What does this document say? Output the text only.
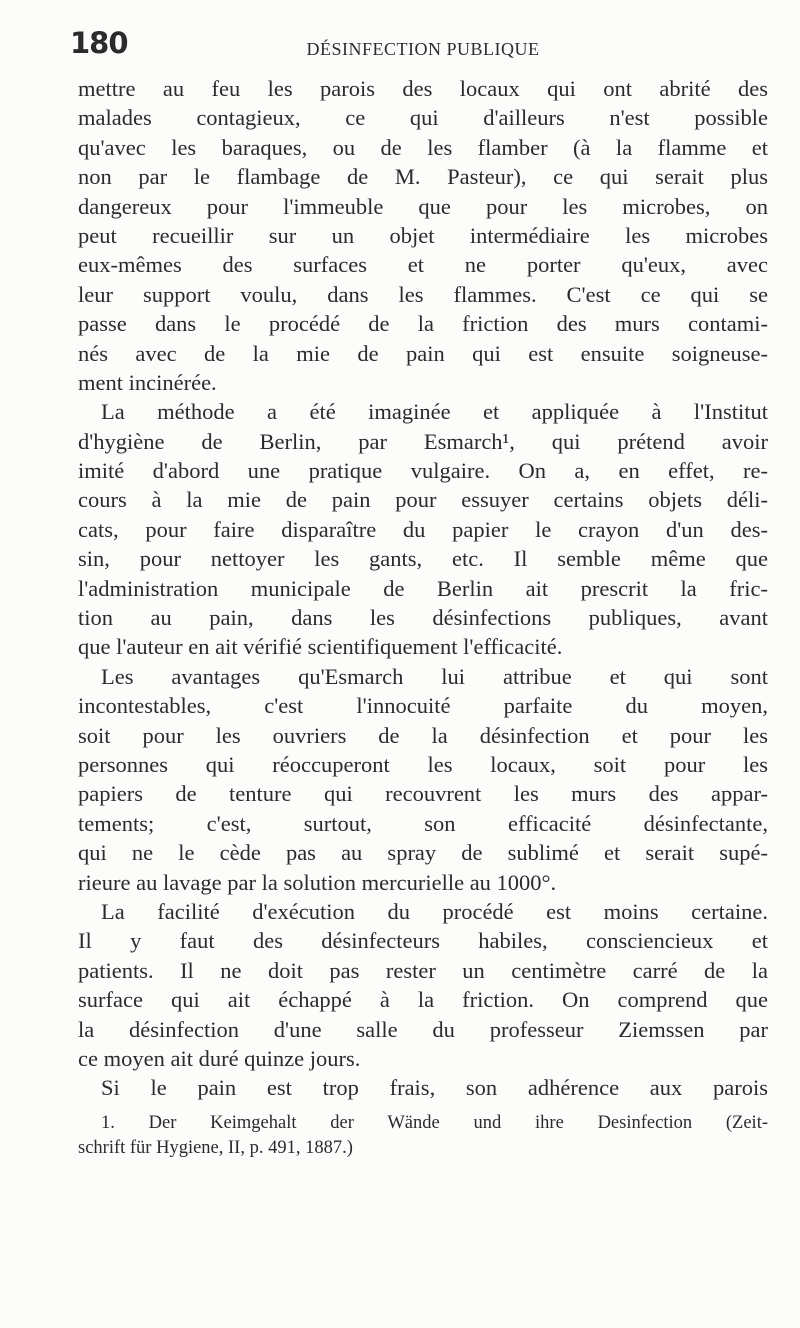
180	DÉSINFECTION PUBLIQUE
mettre au feu les parois des locaux qui ont abrité des
malades contagieux, ce qui d'ailleurs n'est possible
qu'avec les baraques, ou de les flamber (à la flamme et
non par le flambage de M. Pasteur), ce qui serait plus
dangereux pour l'immeuble que pour les microbes, on
peut recueillir sur un objet intermédiaire les microbes
eux-mêmes des surfaces et ne porter qu'eux, avec
leur support voulu, dans les flammes. C'est ce qui se
passe dans le procédé de la friction des murs contami-
nés avec de la mie de pain qui est ensuite soigneuse-
ment incinérée.
La méthode a été imaginée et appliquée à l'Institut
d'hygiène de Berlin, par Esmarch¹, qui prétend avoir
imité d'abord une pratique vulgaire. On a, en effet, re-
cours à la mie de pain pour essuyer certains objets déli-
cats, pour faire disparaître du papier le crayon d'un des-
sin, pour nettoyer les gants, etc. Il semble même que
l'administration municipale de Berlin ait prescrit la fric-
tion au pain, dans les désinfections publiques, avant
que l'auteur en ait vérifié scientifiquement l'efficacité.
Les avantages qu'Esmarch lui attribue et qui sont
incontestables, c'est l'innocuité parfaite du moyen,
soit pour les ouvriers de la désinfection et pour les
personnes qui réoccuperont les locaux, soit pour les
papiers de tenture qui recouvrent les murs des appar-
tements; c'est, surtout, son efficacité désinfectante,
qui ne le cède pas au spray de sublimé et serait supé-
rieure au lavage par la solution mercurielle au 1000°.
La facilité d'exécution du procédé est moins certaine.
Il y faut des désinfecteurs habiles, consciencieux et
patients. Il ne doit pas rester un centimètre carré de la
surface qui ait échappé à la friction. On comprend que
la désinfection d'une salle du professeur Ziemssen par
ce moyen ait duré quinze jours.
Si le pain est trop frais, son adhérence aux parois
1. Der Keimgehalt der Wände und ihre Desinfection (Zeit-
schrift für Hygiene, II, p. 491, 1887.)
